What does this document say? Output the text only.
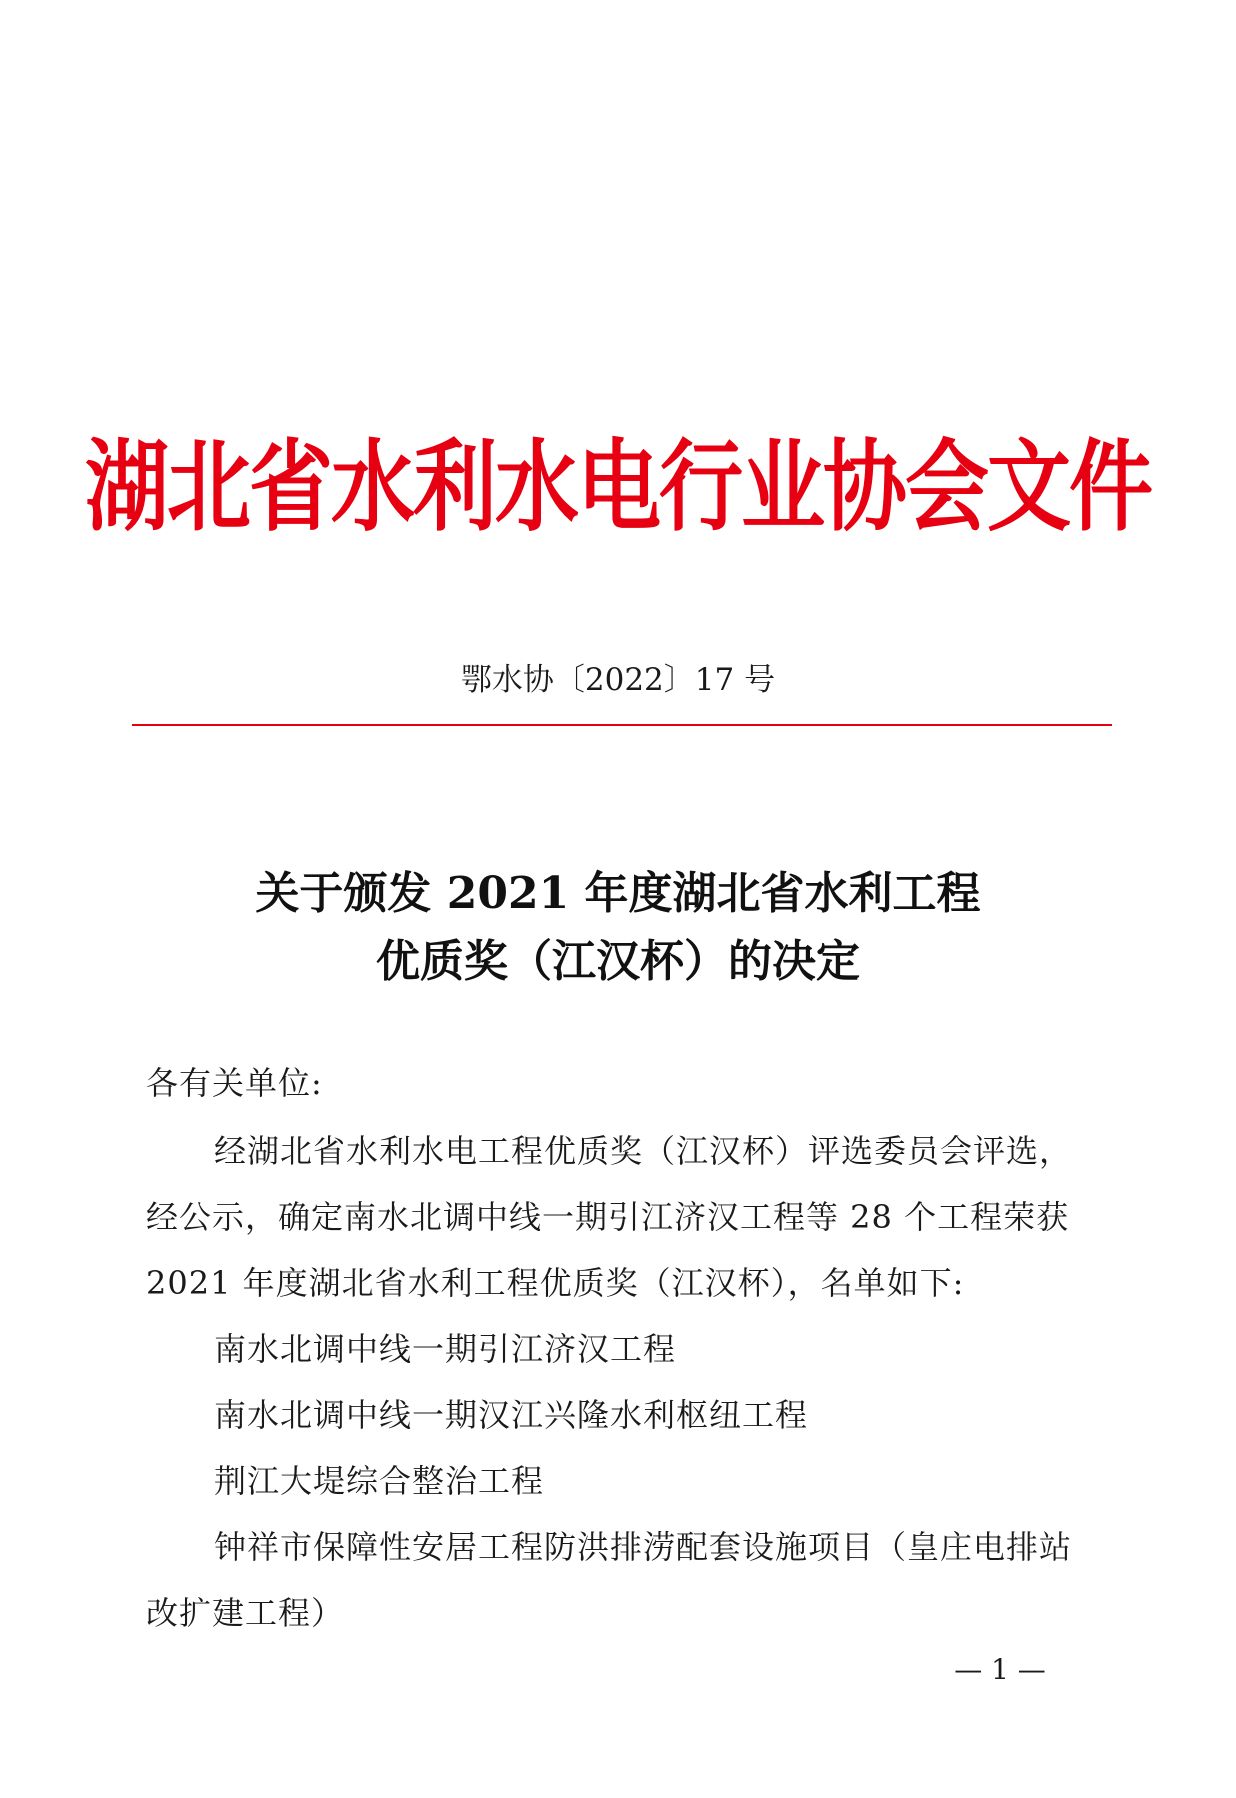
湖北省水利水电行业协会文件
鄂水协〔2022〕17 号
关于颁发 2021 年度湖北省水利工程
优质奖（江汉杯）的决定
各有关单位:
经湖北省水利水电工程优质奖（江汉杯）评选委员会评选，
经公示，确定南水北调中线一期引江济汉工程等 28 个工程荣获
2021 年度湖北省水利工程优质奖（江汉杯），名单如下:
南水北调中线一期引江济汉工程
南水北调中线一期汉江兴隆水利枢纽工程
荆江大堤综合整治工程
钟祥市保障性安居工程防洪排涝配套设施项目（皇庄电排站
改扩建工程）
— 1 —
